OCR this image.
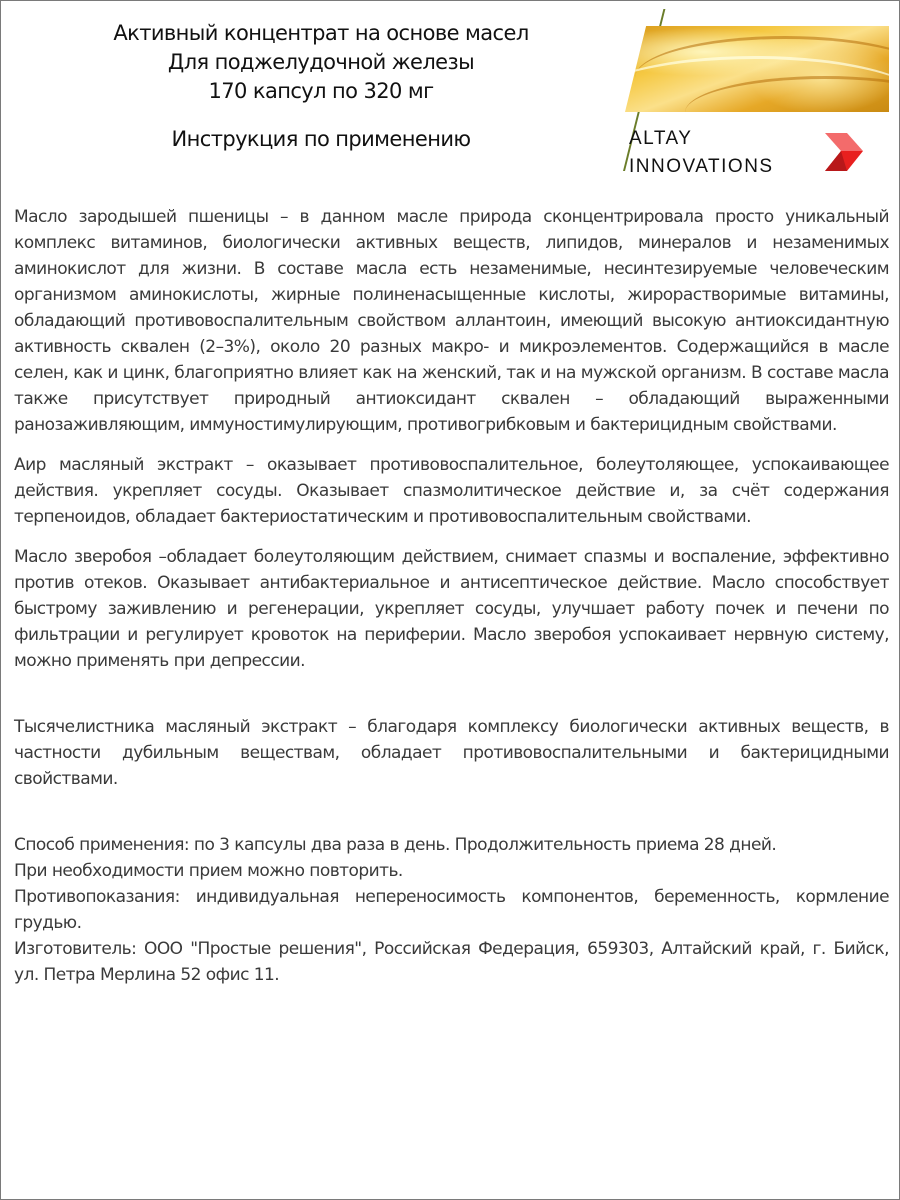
Активный концентрат на основе масел
Для поджелудочной железы
170 капсул по 320 мг
Инструкция по применению	ALTAY
INNOVATIONS

Масло зародышей пшеницы – в данном масле природа сконцентрировала просто уникальный комплекс витаминов, биологически активных веществ, липидов, минералов и незаменимых аминокислот для жизни. В составе масла есть незаменимые, несинтезируемые человеческим организмом аминокислоты, жирные полиненасыщенные кислоты, жирорастворимые витамины, обладающий противовоспалительным свойством аллантоин, имеющий высокую антиоксидантную активность сквален (2–3%), около 20 разных макро- и микроэлементов. Содержащийся в масле селен, как и цинк, благоприятно влияет как на женский, так и на мужской организм. В составе масла также присутствует природный антиоксидант сквален – обладающий выраженными ранозаживляющим, иммуностимулирующим, противогрибковым и бактерицидным свойствами.

Аир масляный экстракт – оказывает противовоспалительное, болеутоляющее, успокаивающее действия. укрепляет сосуды. Оказывает спазмолитическое действие и, за счёт содержания терпеноидов, обладает бактериостатическим и противовоспалительным свойствами.

Масло зверобоя –обладает болеутоляющим действием, снимает спазмы и воспаление, эффективно против отеков. Оказывает антибактериальное и антисептическое действие. Масло способствует быстрому заживлению и регенерации, укрепляет сосуды, улучшает работу почек и печени по фильтрации и регулирует кровоток на периферии. Масло зверобоя успокаивает нервную систему, можно применять при депрессии.

Тысячелистника масляный экстракт – благодаря комплексу биологически активных веществ, в частности дубильным веществам, обладает противовоспалительными и бактерицидными свойствами.

Способ применения: по 3 капсулы два раза в день. Продолжительность приема 28 дней.

При необходимости прием можно повторить.

Противопоказания: индивидуальная непереносимость компонентов, беременность, кормление грудью.

Изготовитель: ООО "Простые решения", Российская Федерация, 659303, Алтайский край, г. Бийск, ул. Петра Мерлина 52 офис 11.
